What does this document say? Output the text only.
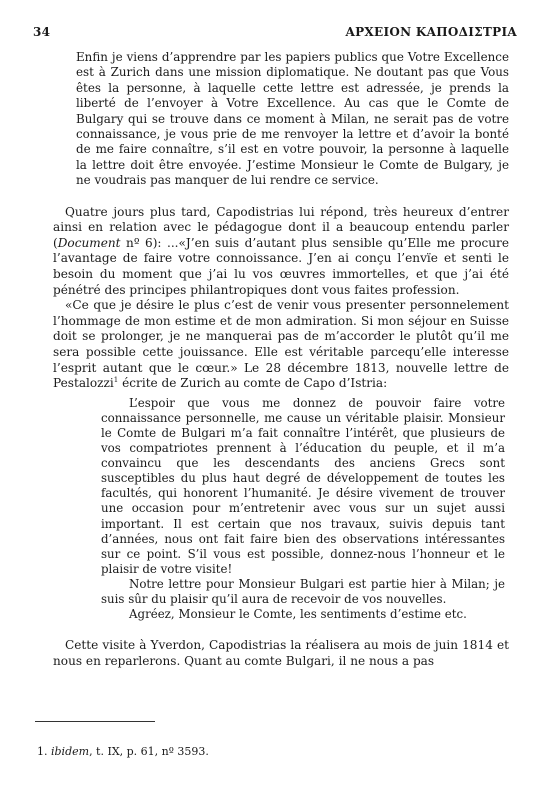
34	ΑΡΧΕΙΟΝ ΚΑΠΟΔΙΣΤΡΙΑ

Enfin je viens d’apprendre par les papiers publics que Votre Excellence est à Zurich dans une mission diplomatique. Ne doutant pas que Vous êtes la personne, à laquelle cette lettre est adressée, je prends la liberté de l’envoyer à Votre Excellence. Au cas que le Comte de Bulgary qui se trouve dans ce moment à Milan, ne serait pas de votre connaissance, je vous prie de me renvoyer la lettre et d’avoir la bonté de me faire connaître, s’il est en votre pouvoir, la personne à laquelle la lettre doit être envoyée. J’estime Monsieur le Comte de Bulgary, je ne voudrais pas manquer de lui rendre ce service.

Quatre jours plus tard, Capodistrias lui répond, très heureux d’entrer ainsi en relation avec le pédagogue dont il a beaucoup entendu parler (Document nº 6): ...«J’en suis d’autant plus sensible qu’Elle me procure l’avantage de faire votre connoissance. J’en ai conçu l’envïe et senti le besoin du moment que j’ai lu vos œuvres immortelles, et que j’ai été pénétré des principes philantropiques dont vous faites profession.

«Ce que je désire le plus c’est de venir vous presenter personnelement l’hommage de mon estime et de mon admiration. Si mon séjour en Suisse doit se prolonger, je ne manquerai pas de m’accorder le plutôt qu’il me sera possible cette jouissance. Elle est véritable parcequ’elle interesse l’esprit autant que le cœur.» Le 28 décembre 1813, nouvelle lettre de Pestalozzi$^1$ écrite de Zurich au comte de Capo d’Istria:

L’espoir que vous me donnez de pouvoir faire votre connaissance personnelle, me cause un véritable plaisir. Monsieur le Comte de Bulgari m’a fait connaître l’intérêt, que plusieurs de vos compatriotes prennent à l’éducation du peuple, et il m’a convainсu que les descendants des anciens Grecs sont susceptibles du plus haut degré de développement de toutes les facultés, qui honorent l’humanité. Je désire vivement de trouver une occasion pour m’entretenir avec vous sur un sujet aussi important. Il est certain que nos travaux, suivis depuis tant d’années, nous ont fait faire bien des observations intéressantes sur ce point. S’il vous est possible, donnez-nous l’honneur et le plaisir de votre visite!

Notre lettre pour Monsieur Bulgari est partie hier à Milan; je suis sûr du plaisir qu’il aura de recevoir de vos nouvelles.

Agréez, Monsieur le Comte, les sentiments d’estime etc.

Cette visite à Yverdon, Capodistrias la réalisera au mois de juin 1814 et nous en reparlerons. Quant au comte Bulgari, il ne nous a pas

1. ibidem, t. IX, p. 61, nº 3593.
